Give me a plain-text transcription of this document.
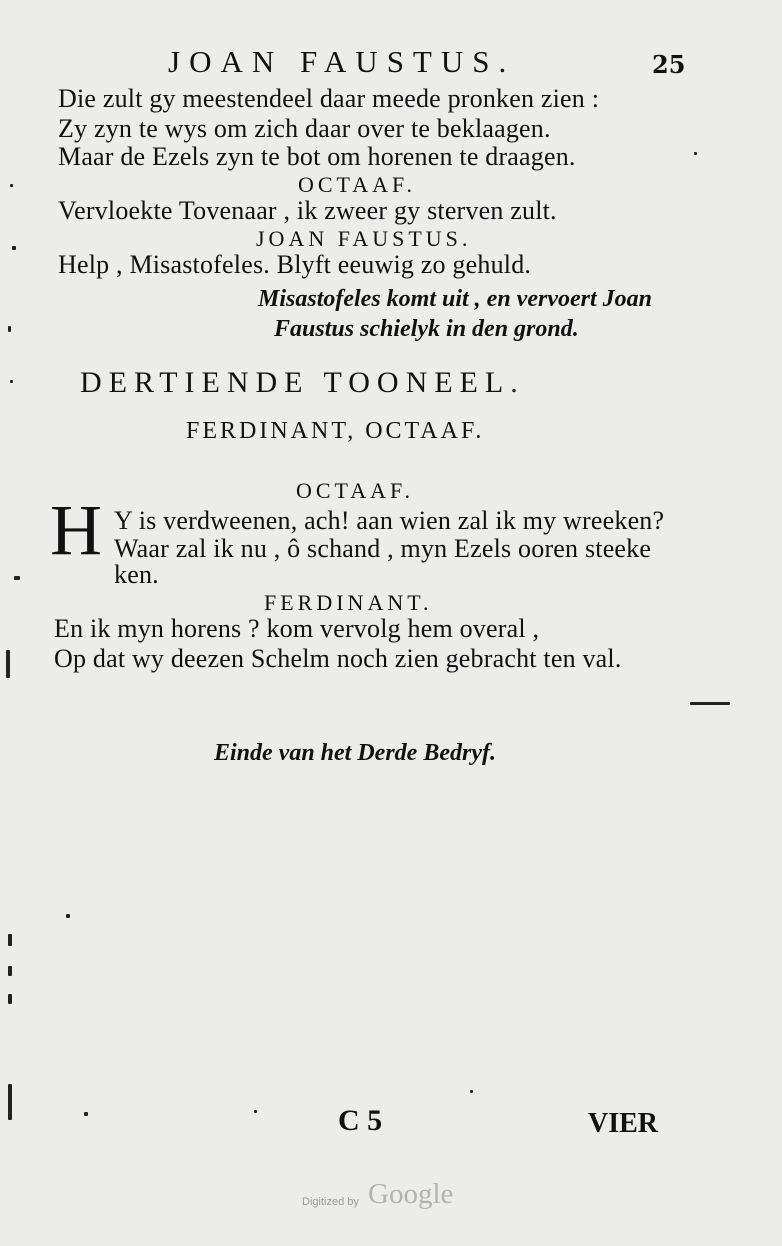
JOAN FAUSTUS.	25
Die zult gy meestendeel daar meede pronken zien :
Zy zyn te wys om zich daar over te beklaagen.
Maar de Ezels zyn te bot om horenen te draagen.
OCTAAF.
Vervloekte Tovenaar , ik zweer gy sterven zult.
JOAN FAUSTUS.
Help , Misastofeles. Blyft eeuwig zo gehuld.
Misastofeles komt uit , en vervoert Joan
Faustus schielyk in den grond.
DERTIENDE TOONEEL.
FERDINANT, OCTAAF.
OCTAAF.
H Y is verdweenen, ach! aan wien zal ik my wreeken?
Waar zal ik nu , ô schand , myn Ezels ooren steeke
ken.
FERDINANT.
En ik myn horens ? kom vervolg hem overal ,
Op dat wy deezen Schelm noch zien gebracht ten val.
Einde van het Derde Bedryf.
C 5	VIER
Digitized by Google
